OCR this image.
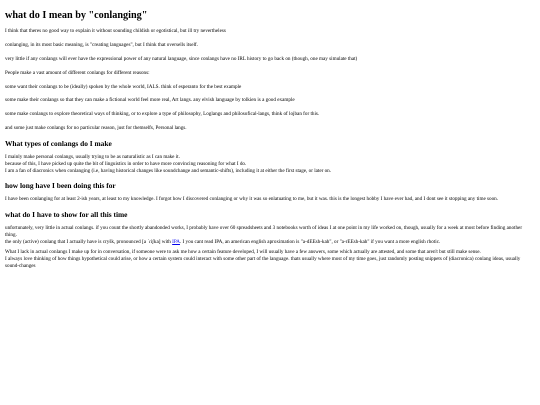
what do I mean by "conlanging"

I think that theres no good way to explain it without sounding childish or egotistical, but ill try nevertheless

conlanging, in its most basic meaning, is "creating languages", but I think that oversells itself.

very little if any conlangs will ever have the expressional power of any natural language, since conlangs have no IRL history to go back on (though, one may simulate that)

People make a vast amount of different conlangs for different reasons:

some want their conlangs to be (ideally) spoken by the whole world, IALS. think of esperanto for the best example

some make their conlangs so that they can make a fictional world feel more real, Art langs. any elvish language by tolkien is a good example

some make conlangs to explore theoretical ways of thinking, or to explore a type of philosophy, Loglangs and philosofical-langs, think of lojban for this.

and some just make conlangs for no particular reason, just for themselfs, Personal langs.

What types of conlangs do I make

I mainly make personal conlangs, usually trying to be as naturalistic as I can make it.
because of this, I have picked up quite the bit of linguistics in order to have more convincing reasoning for what I do.
I am a fan of diacronics when conlanging (i.e, having historical changes like soundchange and semantic-shifts), including it at either the first stage, or later on.

how long have I been doing this for

I have been conlanging for at least 2-ish years, at least to my knowledge. I forgot how I discovered conlanging or why it was so enlatuating to me, but it was. this is the longest hobby I have ever had, and I dont see it stopping any time soon.

what do I have to show for all this time

unfortunately, very little in actual conlangs. if you count the shortly abandonded works, I probably have over 60 spreadsheets and 3 notebooks worth of ideas I at one point in my life worked on, though, usually for a week at most before finding another thing.
the only (active) conlang that I actually have is cryšk, pronounced [a ˈɾiʃka] with IPA. I you cant read IPA, an american english aproximation is "a-dEEsh-kah", or "a-rEEsh-kah" if you want a more english rhotic.

What I lack in actual conlangs I make up for in conversation, if someone were to ask me how a certain feature developed, I will usually have a few answers, some which actually are attested, and some that aren't but still make sense.
I always love thinking of how things hypothetical could arise, or how a certain system could interact with some other part of the language. thats usually where most of my time goes, just randomly posting snippets of (diacronica) conlang ideas, usually sound-changes
